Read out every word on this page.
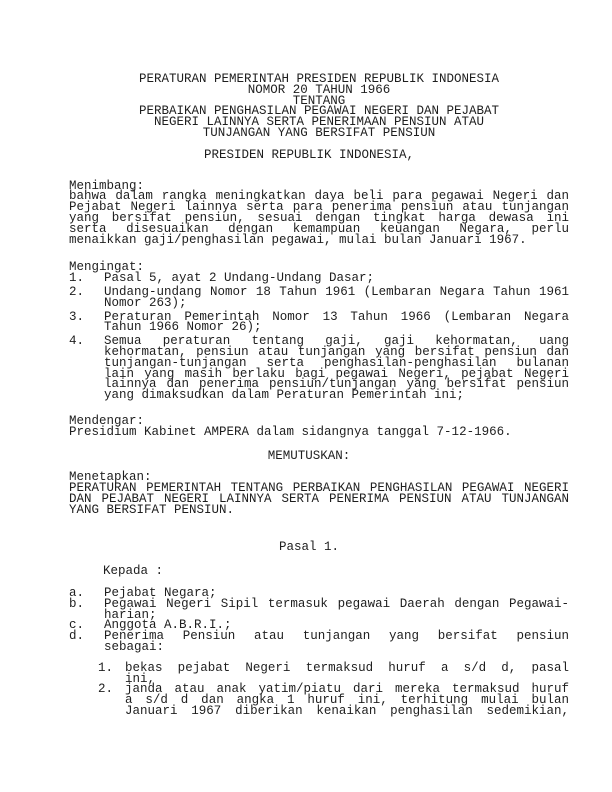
PERATURAN PEMERINTAH PRESIDEN REPUBLIK INDONESIA
NOMOR 20 TAHUN 1966
TENTANG
PERBAIKAN PENGHASILAN PEGAWAI NEGERI DAN PEJABAT
NEGERI LAINNYA SERTA PENERIMAAN PENSIUN ATAU
TUNJANGAN YANG BERSIFAT PENSIUN
PRESIDEN REPUBLIK INDONESIA,
Menimbang:
bahwa dalam rangka meningkatkan daya beli para pegawai Negeri dan
Pejabat Negeri lainnya serta para penerima pensiun atau tunjangan
yang bersifat pensiun, sesuai dengan tingkat harga dewasa ini
serta disesuaikan dengan kemampuan keuangan Negara, perlu
menaikkan gaji/penghasilan pegawai, mulai bulan Januari 1967.
Mengingat:
1. Pasal 5, ayat 2 Undang-Undang Dasar;
2. Undang-undang Nomor 18 Tahun 1961 (Lembaran Negara Tahun 1961
Nomor 263);
3. Peraturan Pemerintah Nomor 13 Tahun 1966 (Lembaran Negara
Tahun 1966 Nomor 26);
4. Semua peraturan tentang gaji, gaji kehormatan, uang
kehormatan, pensiun atau tunjangan yang bersifat pensiun dan
tunjangan-tunjangan serta penghasilan-penghasilan bulanan
lain yang masih berlaku bagi pegawai Negeri, pejabat Negeri
lainnya dan penerima pensiun/tunjangan yang bersifat pensiun
yang dimaksudkan dalam Peraturan Pemerintah ini;
Mendengar:
Presidium Kabinet AMPERA dalam sidangnya tanggal 7-12-1966.
MEMUTUSKAN:
Menetapkan:
PERATURAN PEMERINTAH TENTANG PERBAIKAN PENGHASILAN PEGAWAI NEGERI
DAN PEJABAT NEGERI LAINNYA SERTA PENERIMA PENSIUN ATAU TUNJANGAN
YANG BERSIFAT PENSIUN.
Pasal 1.
Kepada :
a. Pejabat Negara;
b. Pegawai Negeri Sipil termasuk pegawai Daerah dengan Pegawai-
harian;
c. Anggota A.B.R.I.;
d. Penerima Pensiun atau tunjangan yang bersifat pensiun
sebagai:
1. bekas pejabat Negeri termaksud huruf a s/d d, pasal
ini,
2. janda atau anak yatim/piatu dari mereka termaksud huruf
a s/d d dan angka 1 huruf ini, terhitung mulai bulan
Januari 1967 diberikan kenaikan penghasilan sedemikian,
